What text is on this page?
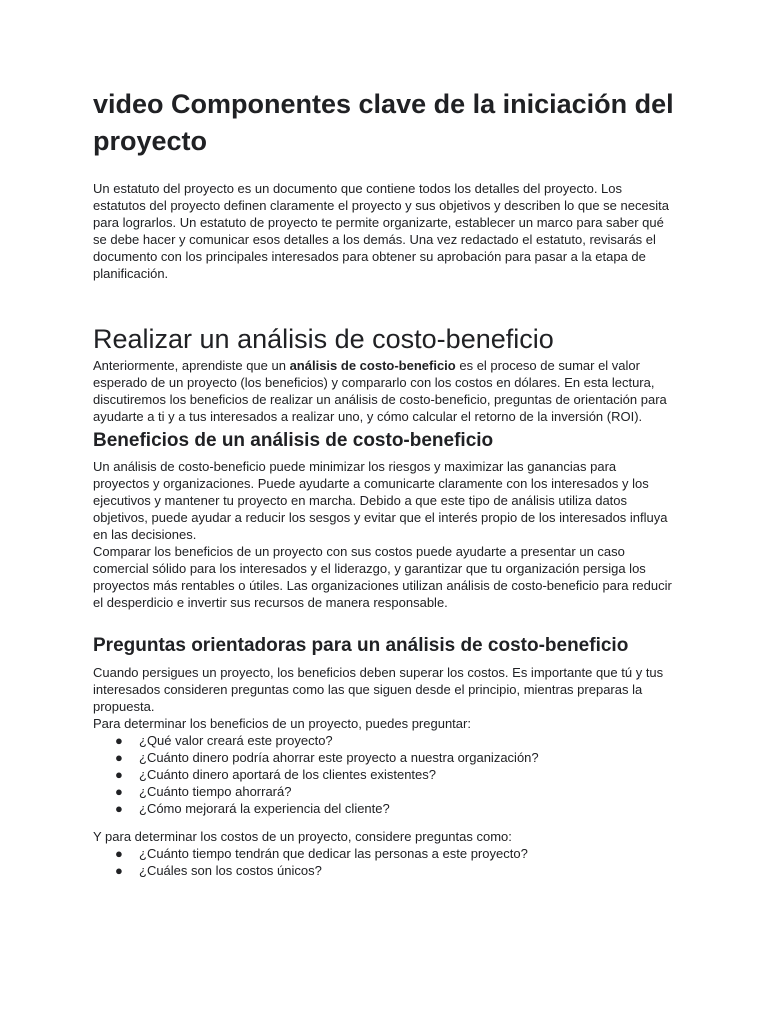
video Componentes clave de la iniciación del proyecto

Un estatuto del proyecto es un documento que contiene todos los detalles del proyecto. Los estatutos del proyecto definen claramente el proyecto y sus objetivos y describen lo que se necesita para lograrlos. Un estatuto de proyecto te permite organizarte, establecer un marco para saber qué se debe hacer y comunicar esos detalles a los demás. Una vez redactado el estatuto, revisarás el documento con los principales interesados para obtener su aprobación para pasar a la etapa de planificación.

Realizar un análisis de costo-beneficio

Anteriormente, aprendiste que un análisis de costo-beneficio es el proceso de sumar el valor esperado de un proyecto (los beneficios) y compararlo con los costos en dólares. En esta lectura, discutiremos los beneficios de realizar un análisis de costo-beneficio, preguntas de orientación para ayudarte a ti y a tus interesados a realizar uno, y cómo calcular el retorno de la inversión (ROI).

Beneficios de un análisis de costo-beneficio

Un análisis de costo-beneficio puede minimizar los riesgos y maximizar las ganancias para proyectos y organizaciones. Puede ayudarte a comunicarte claramente con los interesados y los ejecutivos y mantener tu proyecto en marcha. Debido a que este tipo de análisis utiliza datos objetivos, puede ayudar a reducir los sesgos y evitar que el interés propio de los interesados influya en las decisiones.

Comparar los beneficios de un proyecto con sus costos puede ayudarte a presentar un caso comercial sólido para los interesados y el liderazgo, y garantizar que tu organización persiga los proyectos más rentables o útiles. Las organizaciones utilizan análisis de costo-beneficio para reducir el desperdicio e invertir sus recursos de manera responsable.

Preguntas orientadoras para un análisis de costo-beneficio

Cuando persigues un proyecto, los beneficios deben superar los costos. Es importante que tú y tus interesados consideren preguntas como las que siguen desde el principio, mientras preparas la propuesta.

Para determinar los beneficios de un proyecto, puedes preguntar:

● ¿Qué valor creará este proyecto?
● ¿Cuánto dinero podría ahorrar este proyecto a nuestra organización?
● ¿Cuánto dinero aportará de los clientes existentes?
● ¿Cuánto tiempo ahorrará?
● ¿Cómo mejorará la experiencia del cliente?

Y para determinar los costos de un proyecto, considere preguntas como:

● ¿Cuánto tiempo tendrán que dedicar las personas a este proyecto?
● ¿Cuáles son los costos únicos?
